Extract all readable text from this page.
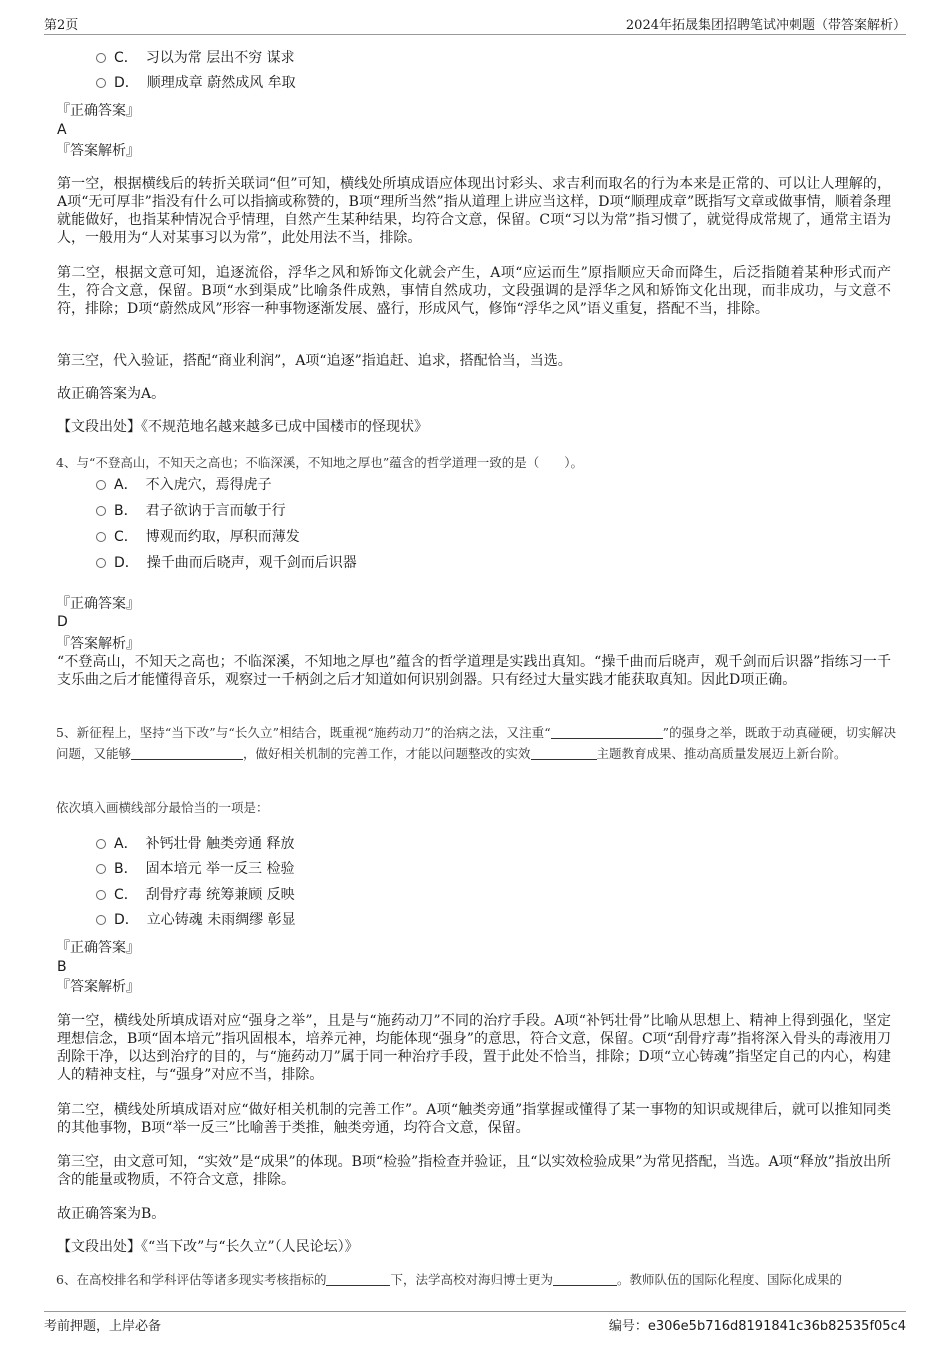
第2页	2024年拓晟集团招聘笔试冲刺题（带答案解析）
C． 习以为常 层出不穷 谋求
D． 顺理成章 蔚然成风 牟取
『正确答案』
A
『答案解析』
第一空，根据横线后的转折关联词“但”可知，横线处所填成语应体现出讨彩头、求吉利而取名的行为本来是正常的、可以让人理解的，A项“无可厚非”指没有什么可以指摘或称赞的，B项“理所当然”指从道理上讲应当这样，D项“顺理成章”既指写文章或做事情，顺着条理就能做好，也指某种情况合乎情理，自然产生某种结果，均符合文意，保留。C项“习以为常”指习惯了，就觉得成常规了，通常主语为人，一般用为“人对某事习以为常”，此处用法不当，排除。
第二空，根据文意可知，追逐流俗，浮华之风和矫饰文化就会产生，A项“应运而生”原指顺应天命而降生，后泛指随着某种形式而产生，符合文意，保留。B项“水到渠成”比喻条件成熟，事情自然成功，文段强调的是浮华之风和矫饰文化出现，而非成功，与文意不符，排除；D项“蔚然成风”形容一种事物逐渐发展、盛行，形成风气，修饰“浮华之风”语义重复，搭配不当，排除。
第三空，代入验证，搭配“商业利润”，A项“追逐”指追赶、追求，搭配恰当，当选。
故正确答案为A。
【文段出处】《不规范地名越来越多已成中国楼市的怪现状》
4、与“不登高山，不知天之高也；不临深溪，不知地之厚也”蕴含的哲学道理一致的是（　　）。
A． 不入虎穴，焉得虎子
B． 君子欲讷于言而敏于行
C． 博观而约取，厚积而薄发
D． 操千曲而后晓声，观千剑而后识器
『正确答案』
D
『答案解析』
“不登高山，不知天之高也；不临深溪，不知地之厚也”蕴含的哲学道理是实践出真知。“操千曲而后晓声，观千剑而后识器”指练习一千支乐曲之后才能懂得音乐，观察过一千柄剑之后才知道如何识别剑器。只有经过大量实践才能获取真知。因此D项正确。
5、新征程上，坚持“当下改”与“长久立”相结合，既重视“施药动刀”的治病之法，又注重“	”的强身之举，既敢于动真碰硬，切实解决问题，又能够	，做好相关机制的完善工作，才能以问题整改的实效	主题教育成果、推动高质量发展迈上新台阶。
依次填入画横线部分最恰当的一项是：
A． 补钙壮骨 触类旁通 释放
B． 固本培元 举一反三 检验
C． 刮骨疗毒 统筹兼顾 反映
D． 立心铸魂 未雨绸缪 彰显
『正确答案』
B
『答案解析』
第一空，横线处所填成语对应“强身之举”，且是与“施药动刀”不同的治疗手段。A项“补钙壮骨”比喻从思想上、精神上得到强化，坚定理想信念，B项“固本培元”指巩固根本，培养元神，均能体现“强身”的意思，符合文意，保留。C项“刮骨疗毒”指将深入骨头的毒液用刀刮除干净，以达到治疗的目的，与“施药动刀”属于同一种治疗手段，置于此处不恰当，排除；D项“立心铸魂”指坚定自己的内心，构建人的精神支柱，与“强身”对应不当，排除。
第二空，横线处所填成语对应“做好相关机制的完善工作”。A项“触类旁通”指掌握或懂得了某一事物的知识或规律后，就可以推知同类的其他事物，B项“举一反三”比喻善于类推，触类旁通，均符合文意，保留。
第三空，由文意可知，“实效”是“成果”的体现。B项“检验”指检查并验证，且“以实效检验成果”为常见搭配，当选。A项“释放”指放出所含的能量或物质，不符合文意，排除。
故正确答案为B。
【文段出处】《“当下改”与“长久立”（人民论坛）》
6、在高校排名和学科评估等诸多现实考核指标的	下，法学高校对海归博士更为	。教师队伍的国际化程度、国际化成果的
考前押题，上岸必备	编号：e306e5b716d8191841c36b82535f05c4
